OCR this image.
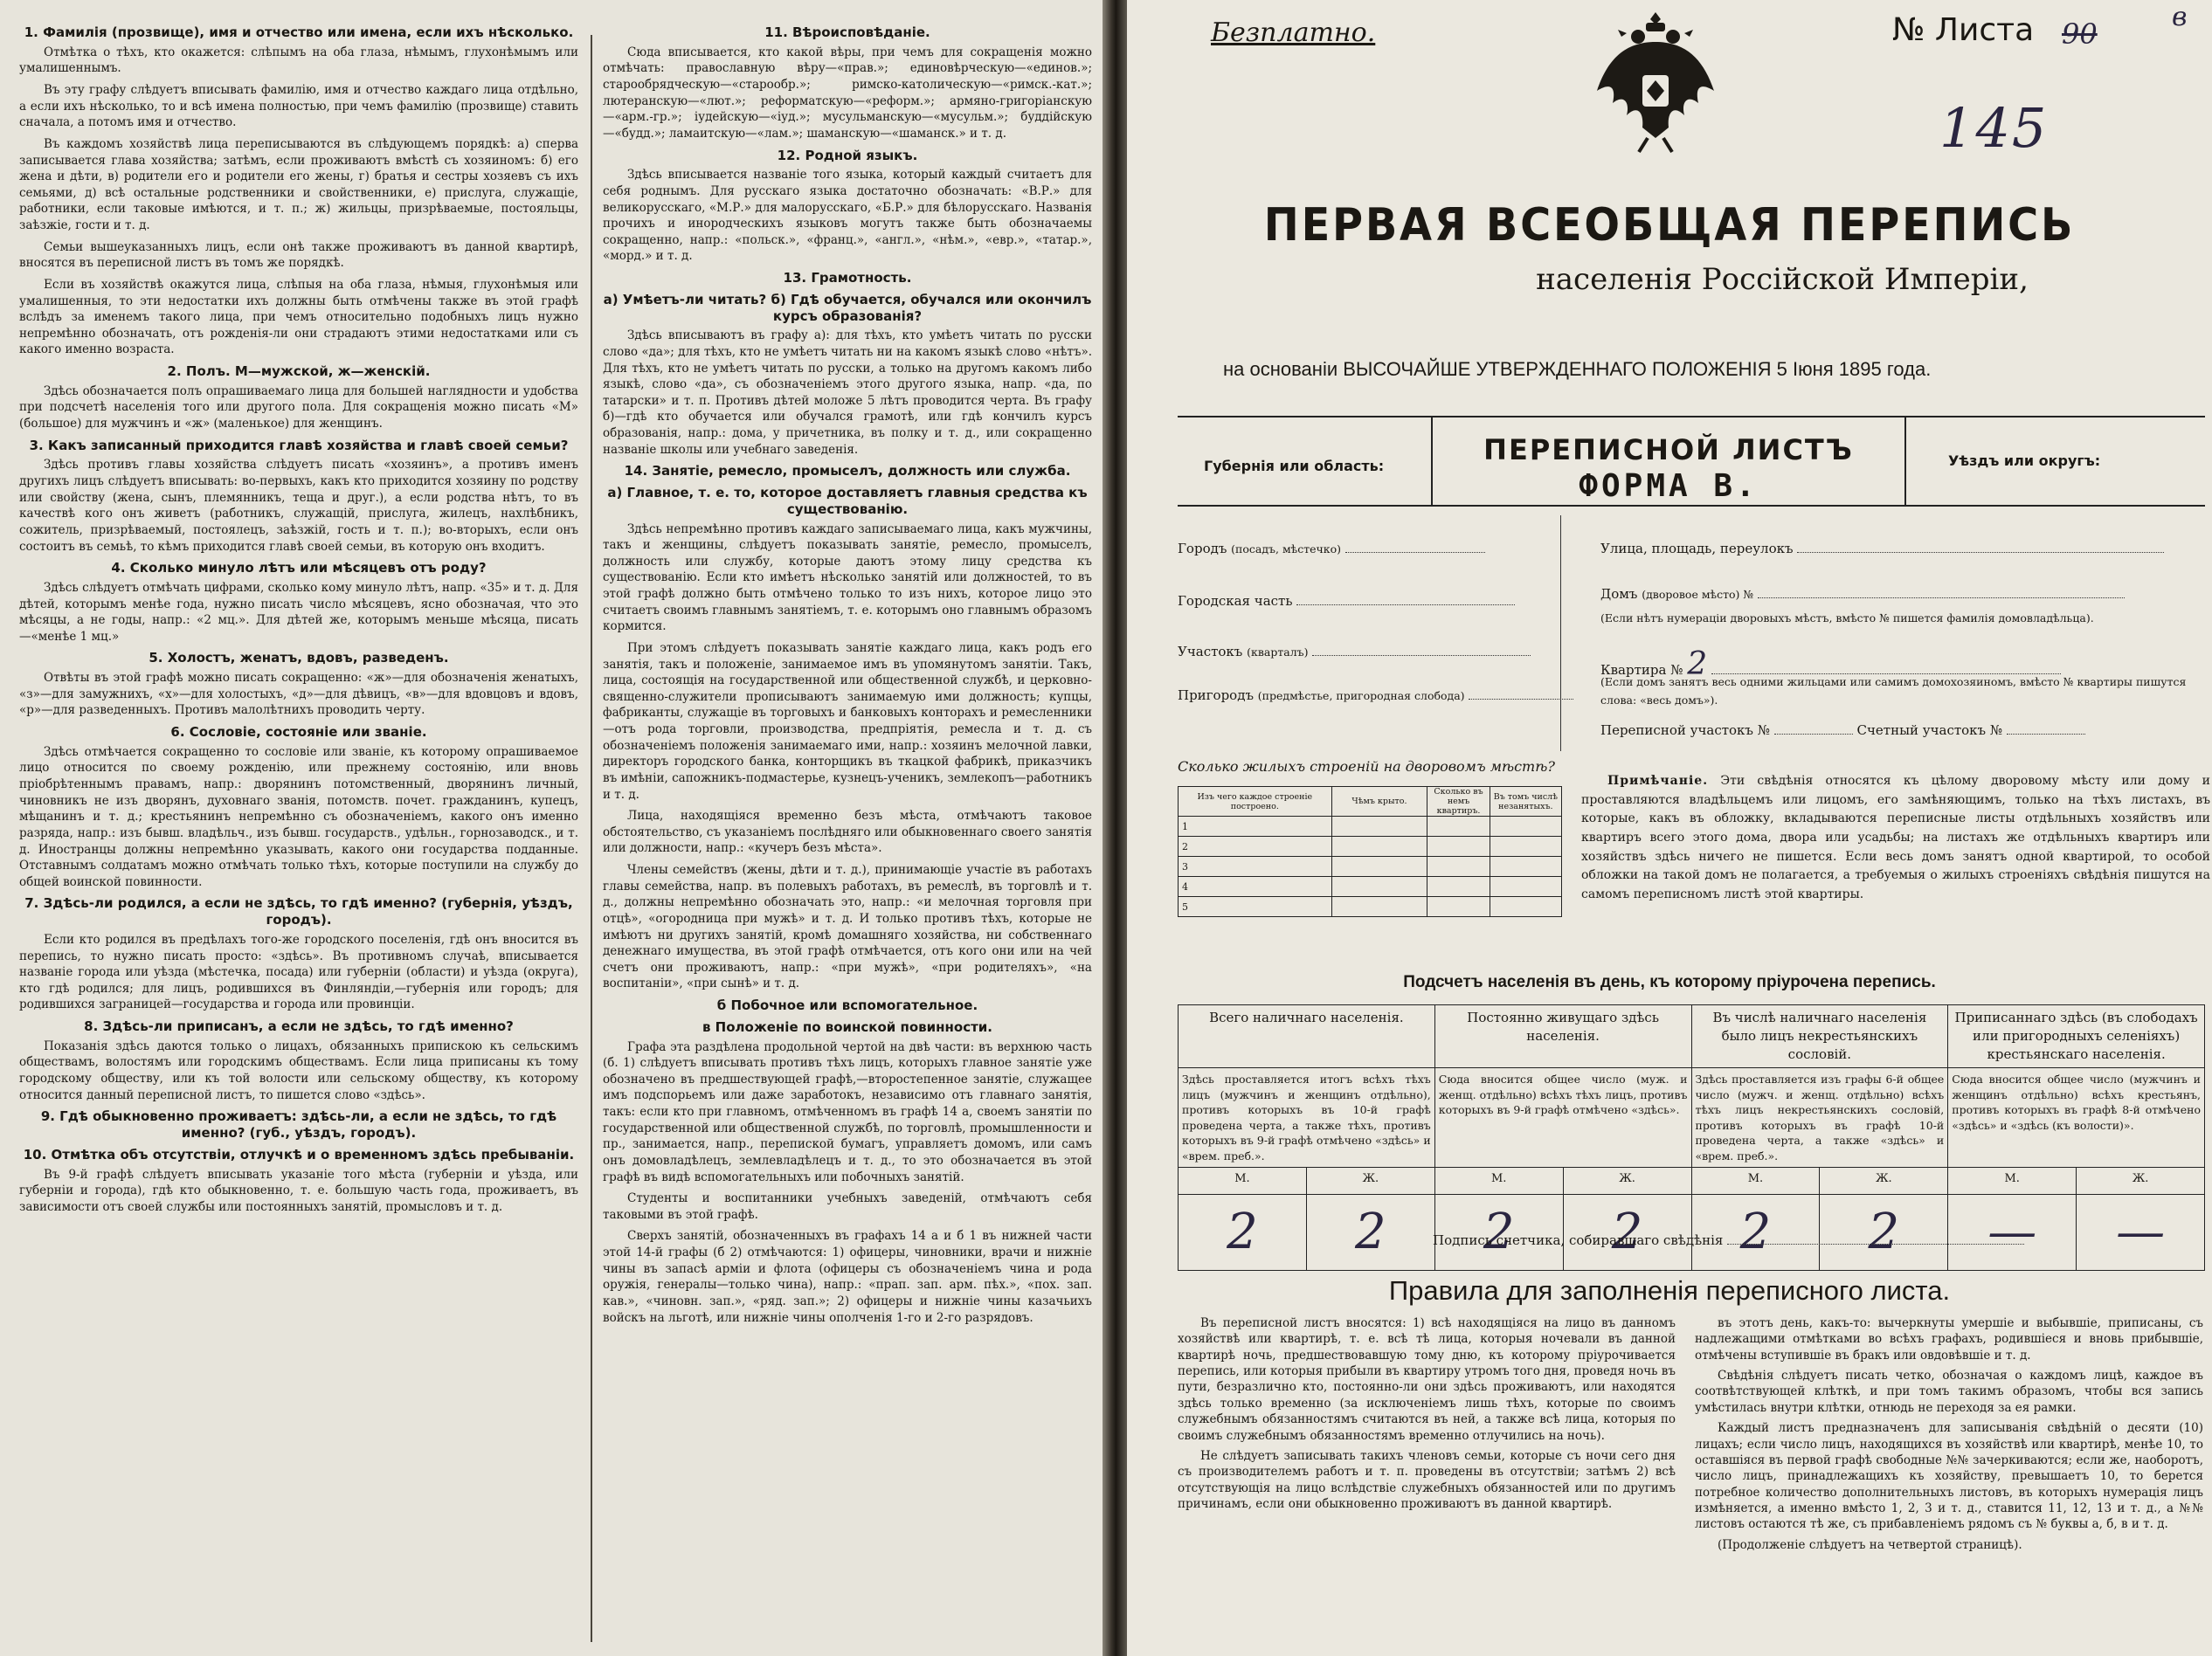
1. Фамилія (прозвище), имя и отчество или имена, если ихъ нѣсколько.

Отмѣтка о тѣхъ, кто окажется: слѣпымъ на оба глаза, нѣмымъ, глухонѣмымъ или умалишеннымъ.

Въ эту графу слѣдуетъ вписывать фамилію, имя и отчество каждаго лица отдѣльно, а если ихъ нѣсколько, то и всѣ имена полностью, при чемъ фамилію (прозвище) ставить сначала, а потомъ имя и отчество.

Въ каждомъ хозяйствѣ лица переписываются въ слѣдующемъ порядкѣ: а) сперва записывается глава хозяйства; затѣмъ, если проживаютъ вмѣстѣ съ хозяиномъ: б) его жена и дѣти, в) родители его и родители его жены, г) братья и сестры хозяевъ съ ихъ семьями, д) всѣ остальные родственники и свойственники, е) прислуга, служащіе, работники, если таковые имѣются, и т. п.; ж) жильцы, призрѣваемые, постояльцы, заѣзжіе, гости и т. д.

Семьи вышеуказанныхъ лицъ, если онѣ также проживаютъ въ данной квартирѣ, вносятся въ переписной листъ въ томъ же порядкѣ.

Если въ хозяйствѣ окажутся лица, слѣпыя на оба глаза, нѣмыя, глухонѣмыя или умалишенныя, то эти недостатки ихъ должны быть отмѣчены также въ этой графѣ вслѣдъ за именемъ такого лица, при чемъ относительно подобныхъ лицъ нужно непремѣнно обозначать, отъ рожденія-ли они страдаютъ этими недостатками или съ какого именно возраста.

2. Полъ. М—мужской, ж—женскій.

Здѣсь обозначается полъ опрашиваемаго лица для большей наглядности и удобства при подсчетѣ населенія того или другого пола. Для сокращенія можно писать «М» (большое) для мужчинъ и «ж» (маленькое) для женщинъ.

3. Какъ записанный приходится главѣ хозяйства и главѣ своей семьи?

Здѣсь противъ главы хозяйства слѣдуетъ писать «хозяинъ», а противъ именъ другихъ лицъ слѣдуетъ вписывать: во-первыхъ, какъ кто приходится хозяину по родству или свойству (жена, сынъ, племянникъ, теща и друг.), а если родства нѣтъ, то въ качествѣ кого онъ живетъ (работникъ, служащій, прислуга, жилецъ, нахлѣбникъ, сожитель, призрѣваемый, постоялецъ, заѣзжій, гость и т. п.); во-вторыхъ, если онъ состоитъ въ семьѣ, то кѣмъ приходится главѣ своей семьи, въ которую онъ входитъ.

4. Сколько минуло лѣтъ или мѣсяцевъ отъ роду?

Здѣсь слѣдуетъ отмѣчать цифрами, сколько кому минуло лѣтъ, напр. «35» и т. д. Для дѣтей, которымъ менѣе года, нужно писать число мѣсяцевъ, ясно обозначая, что это мѣсяцы, а не годы, напр.: «2 мц.». Для дѣтей же, которымъ меньше мѣсяца, писать—«менѣе 1 мц.»

5. Холостъ, женатъ, вдовъ, разведенъ.

Отвѣты въ этой графѣ можно писать сокращенно: «ж»—для обозначенія женатыхъ, «з»—для замужнихъ, «х»—для холостыхъ, «д»—для дѣвицъ, «в»—для вдовцовъ и вдовъ, «р»—для разведенныхъ. Противъ малолѣтнихъ проводить черту.

6. Сословіе, состояніе или званіе.

Здѣсь отмѣчается сокращенно то сословіе или званіе, къ которому опрашиваемое лицо относится по своему рожденію, или прежнему состоянію, или вновь пріобрѣтеннымъ правамъ, напр.: дворянинъ потомственный, дворянинъ личный, чиновникъ не изъ дворянъ, духовнаго званія, потомств. почет. гражданинъ, купецъ, мѣщанинъ и т. д.; крестьянинъ непремѣнно съ обозначеніемъ, какого онъ именно разряда, напр.: изъ бывш. владѣльч., изъ бывш. государств., удѣльн., горнозаводск., и т. д. Иностранцы должны непремѣнно указывать, какого они государства подданные. Отставнымъ солдатамъ можно отмѣчать только тѣхъ, которые поступили на службу до общей воинской повинности.

7. Здѣсь-ли родился, а если не здѣсь, то гдѣ именно? (губернія, уѣздъ, городъ).

Если кто родился въ предѣлахъ того-же городского поселенія, гдѣ онъ вносится въ перепись, то нужно писать просто: «здѣсь». Въ противномъ случаѣ, вписывается названіе города или уѣзда (мѣстечка, посада) или губерніи (области) и уѣзда (округа), кто гдѣ родился; для лицъ, родившихся въ Финляндіи,—губернія или городъ; для родившихся заграницей—государства и города или провинціи.

8. Здѣсь-ли приписанъ, а если не здѣсь, то гдѣ именно?

Показанія здѣсь даются только о лицахъ, обязанныхъ припискою къ сельскимъ обществамъ, волостямъ или городскимъ обществамъ. Если лица приписаны къ тому городскому обществу, или къ той волости или сельскому обществу, къ которому относится данный переписной листъ, то пишется слово «здѣсь».

9. Гдѣ обыкновенно проживаетъ: здѣсь-ли, а если не здѣсь, то гдѣ именно? (губ., уѣздъ, городъ).
10. Отмѣтка объ отсутствіи, отлучкѣ и о временномъ здѣсь пребываніи.

Въ 9-й графѣ слѣдуетъ вписывать указаніе того мѣста (губерніи и уѣзда, или губерніи и города), гдѣ кто обыкновенно, т. е. большую часть года, проживаетъ, въ зависимости отъ своей службы или постоянныхъ занятій, промысловъ и т. д.

11. Вѣроисповѣданіе.

Сюда вписывается, кто какой вѣры, при чемъ для сокращенія можно отмѣчать: православную вѣру—«прав.»; единовѣрческую—«единов.»; старообрядческую—«старообр.»; римско-католическую—«римск.-кат.»; лютеранскую—«лют.»; реформатскую—«реформ.»; армяно-григоріанскую—«арм.-гр.»; іудейскую—«іуд.»; мусульманскую—«мусульм.»; буддійскую—«будд.»; ламаитскую—«лам.»; шаманскую—«шаманск.» и т. д.

12. Родной языкъ.

Здѣсь вписывается названіе того языка, который каждый считаетъ для себя роднымъ. Для русскаго языка достаточно обозначать: «В.Р.» для великорусскаго, «М.Р.» для малорусскаго, «Б.Р.» для бѣлорусскаго. Названія прочихъ и инородческихъ языковъ могутъ также быть обозначаемы сокращенно, напр.: «польск.», «франц.», «англ.», «нѣм.», «евр.», «татар.», «морд.» и т. д.

13. Грамотность.
а) Умѣетъ-ли читать? б) Гдѣ обучается, обучался или окончилъ курсъ образованія?

Здѣсь вписываютъ въ графу а): для тѣхъ, кто умѣетъ читать по русски слово «да»; для тѣхъ, кто не умѣетъ читать ни на какомъ языкѣ слово «нѣтъ». Для тѣхъ, кто не умѣетъ читать по русски, а только на другомъ какомъ либо языкѣ, слово «да», съ обозначеніемъ этого другого языка, напр. «да, по татарски» и т. п. Противъ дѣтей моложе 5 лѣтъ проводится черта. Въ графу б)—гдѣ кто обучается или обучался грамотѣ, или гдѣ кончилъ курсъ образованія, напр.: дома, у причетника, въ полку и т. д., или сокращенно названіе школы или учебнаго заведенія.

14. Занятіе, ремесло, промыселъ, должность или служба.
а) Главное, т. е. то, которое доставляетъ главныя средства къ существованію.

Здѣсь непремѣнно противъ каждаго записываемаго лица, какъ мужчины, такъ и женщины, слѣдуетъ показывать занятіе, ремесло, промыселъ, должность или службу, которые даютъ этому лицу средства къ существованію. Если кто имѣетъ нѣсколько занятій или должностей, то въ этой графѣ должно быть отмѣчено только то изъ нихъ, которое лицо это считаетъ своимъ главнымъ занятіемъ, т. е. которымъ оно главнымъ образомъ кормится.

При этомъ слѣдуетъ показывать занятіе каждаго лица, какъ родъ его занятія, такъ и положеніе, занимаемое имъ въ упомянутомъ занятіи. Такъ, лица, состоящія на государственной или общественной службѣ, и церковно-священно-служители прописываютъ занимаемую ими должность; купцы, фабриканты, служащіе въ торговыхъ и банковыхъ конторахъ и ремесленники—отъ рода торговли, производства, предпріятія, ремесла и т. д. съ обозначеніемъ положенія занимаемаго ими, напр.: хозяинъ мелочной лавки, директоръ городского банка, конторщикъ въ ткацкой фабрикѣ, приказчикъ въ имѣніи, сапожникъ-подмастерье, кузнецъ-ученикъ, землекопъ—работникъ и т. д.

Лица, находящіяся временно безъ мѣста, отмѣчаютъ таковое обстоятельство, съ указаніемъ послѣдняго или обыкновеннаго своего занятія или должности, напр.: «кучеръ безъ мѣста».

Члены семействъ (жены, дѣти и т. д.), принимающіе участіе въ работахъ главы семейства, напр. въ полевыхъ работахъ, въ ремеслѣ, въ торговлѣ и т. д., должны непремѣнно обозначать это, напр.: «и мелочная торговля при отцѣ», «огородница при мужѣ» и т. д. И только противъ тѣхъ, которые не имѣютъ ни другихъ занятій, кромѣ домашняго хозяйства, ни собственнаго денежнаго имущества, въ этой графѣ отмѣчается, отъ кого они или на чей счетъ они проживаютъ, напр.: «при мужѣ», «при родителяхъ», «на воспитаніи», «при сынѣ» и т. д.

б Побочное или вспомогательное.
в Положеніе по воинской повинности.

Графа эта раздѣлена продольной чертой на двѣ части: въ верхнюю часть (б. 1) слѣдуетъ вписывать противъ тѣхъ лицъ, которыхъ главное занятіе уже обозначено въ предшествующей графѣ,—второстепенное занятіе, служащее имъ подспорьемъ или даже заработокъ, независимо отъ главнаго занятія, такъ: если кто при главномъ, отмѣченномъ въ графѣ 14 а, своемъ занятіи по государственной или общественной службѣ, по торговлѣ, промышленности и пр., занимается, напр., перепиской бумагъ, управляетъ домомъ, или самъ онъ домовладѣлецъ, землевладѣлецъ и т. д., то это обозначается въ этой графѣ въ видѣ вспомогательныхъ или побочныхъ занятій.

Студенты и воспитанники учебныхъ заведеній, отмѣчаютъ себя таковыми въ этой графѣ.

Сверхъ занятій, обозначенныхъ въ графахъ 14 а и б 1 въ нижней части этой 14-й графы (б 2) отмѣчаются: 1) офицеры, чиновники, врачи и нижніе чины въ запасѣ арміи и флота (офицеры съ обозначеніемъ чина и рода оружія, генералы—только чина), напр.: «прап. зап. арм. пѣх.», «пох. зап. кав.», «чиновн. зап.», «ряд. зап.»; 2) офицеры и нижніе чины казачьихъ войскъ на льготѣ, или нижніе чины ополченія 1-го и 2-го разрядовъ.

Безплатно.	№ Листа 90
в
145
ПЕРВАЯ ВСЕОБЩАЯ ПЕРЕПИСЬ
населенія Россійской Имперіи,
на основаніи ВЫСОЧАЙШЕ УТВЕРЖДЕННАГО ПОЛОЖЕНІЯ 5 Іюня 1895 года.
Губернія или область:	ПЕРЕПИСНОЙ ЛИСТЪ
ФОРМА В.
Уѣздъ или округъ:
Городъ (посадъ, мѣстечко)
Городская часть
Участокъ (кварталъ)
Пригородъ (предмѣстье, пригородная слобода)
Улица, площадь, переулокъ
Домъ (дворовое мѣсто) №
(Если нѣтъ нумераціи дворовыхъ мѣстъ, вмѣсто № пишется фамилія домовладѣльца).
Квартира № 2
(Если домъ занятъ весь одними жильцами или самимъ домохозяиномъ, вмѣсто № квартиры пишутся слова: «весь домъ»).
Переписной участокъ №	Счетный участокъ №
Сколько жилыхъ строеній на дворовомъ мѣстѣ?
Изъ чего каждое строеніе построено.	Чѣмъ крыто.	Сколько въ немъ квартиръ.	Въ томъ числѣ незанятыхъ.
1			
2			
3			
4			
5			
Примѣчаніе. Эти свѣдѣнія относятся къ цѣлому дворовому мѣсту или дому и проставляются владѣльцемъ или лицомъ, его замѣняющимъ, только на тѣхъ листахъ, въ которые, какъ въ обложку, вкладываются переписные листы отдѣльныхъ хозяйствъ или квартиръ всего этого дома, двора или усадьбы; на листахъ же отдѣльныхъ квартиръ или хозяйствъ здѣсь ничего не пишется. Если весь домъ занятъ одной квартирой, то особой обложки на такой домъ не полагается, а требуемыя о жилыхъ строеніяхъ свѣдѣнія пишутся на самомъ переписномъ листѣ этой квартиры.
Подсчетъ населенія въ день, къ которому пріурочена перепись.
Всего наличнаго населенія.		Постоянно живущаго здѣсь населенія.		Въ числѣ наличнаго населенія было лицъ некрестьянскихъ сословій.		Приписаннаго здѣсь (въ слободахъ или пригородныхъ селеніяхъ) крестьянскаго населенія.	
Здѣсь проставляется итогъ всѣхъ тѣхъ лицъ (мужчинъ и женщинъ отдѣльно), противъ которыхъ въ 10-й графѣ проведена черта, а также тѣхъ, противъ которыхъ въ 9-й графѣ отмѣчено «здѣсь» и «врем. преб.».		Сюда вносится общее число (муж. и женщ. отдѣльно) всѣхъ тѣхъ лицъ, противъ которыхъ въ 9-й графѣ отмѣчено «здѣсь».		Здѣсь проставляется изъ графы 6-й общее число (мужч. и женщ. отдѣльно) всѣхъ тѣхъ лицъ некрестьянскихъ сословій, противъ которыхъ въ графѣ 10-й проведена черта, а также «здѣсь» и «врем. преб.».		Сюда вносится общее число (мужчинъ и женщинъ отдѣльно) всѣхъ крестьянъ, противъ которыхъ въ графѣ 8-й отмѣчено «здѣсь» и «здѣсь (къ волости)».	
М.	Ж.	М.	Ж.	М.	Ж.	М.	Ж.
2	2	2	2	2	2	—	—
Подпись счетчика, собиравшаго свѣдѣнія
Правила для заполненія переписного листа.

Въ переписной листъ вносятся: 1) всѣ находящіяся на лицо въ данномъ хозяйствѣ или квартирѣ, т. е. всѣ тѣ лица, которыя ночевали въ данной квартирѣ ночь, предшествовавшую тому дню, къ которому пріурочивается перепись, или которыя прибыли въ квартиру утромъ того дня, проведя ночь въ пути, безразлично кто, постоянно-ли они здѣсь проживаютъ, или находятся здѣсь только временно (за исключеніемъ лишь тѣхъ, которые по своимъ служебнымъ обязанностямъ считаются въ ней, а также всѣ лица, которыя по своимъ служебнымъ обязанностямъ временно отлучились на ночь).

Не слѣдуетъ записывать такихъ членовъ семьи, которые съ ночи сего дня съ производителемъ работъ и т. п. проведены въ отсутствіи; затѣмъ 2) всѣ отсутствующія на лицо вслѣдствіе служебныхъ обязанностей или по другимъ причинамъ, если они обыкновенно проживаютъ въ данной квартирѣ.

въ этотъ день, какъ-то: вычеркнуты умершіе и выбывшіе, приписаны, съ надлежащими отмѣтками во всѣхъ графахъ, родившіеся и вновь прибывшіе, отмѣчены вступившіе въ бракъ или овдовѣвшіе и т. д.

Свѣдѣнія слѣдуетъ писать четко, обозначая о каждомъ лицѣ, каждое въ соотвѣтствующей клѣткѣ, и при томъ такимъ образомъ, чтобы вся запись умѣстилась внутри клѣтки, отнюдь не переходя за ея рамки.

Каждый листъ предназначенъ для записыванія свѣдѣній о десяти (10) лицахъ; если число лицъ, находящихся въ хозяйствѣ или квартирѣ, менѣе 10, то оставшіяся въ первой графѣ свободные №№ зачеркиваются; если же, наоборотъ, число лицъ, принадлежащихъ къ хозяйству, превышаетъ 10, то берется потребное количество дополнительныхъ листовъ, въ которыхъ нумерація лицъ измѣняется, а именно вмѣсто 1, 2, 3 и т. д., ставится 11, 12, 13 и т. д., а №№ листовъ остаются тѣ же, съ прибавленіемъ рядомъ съ № буквы а, б, в и т. д.

(Продолженіе слѣдуетъ на четвертой страницѣ).
